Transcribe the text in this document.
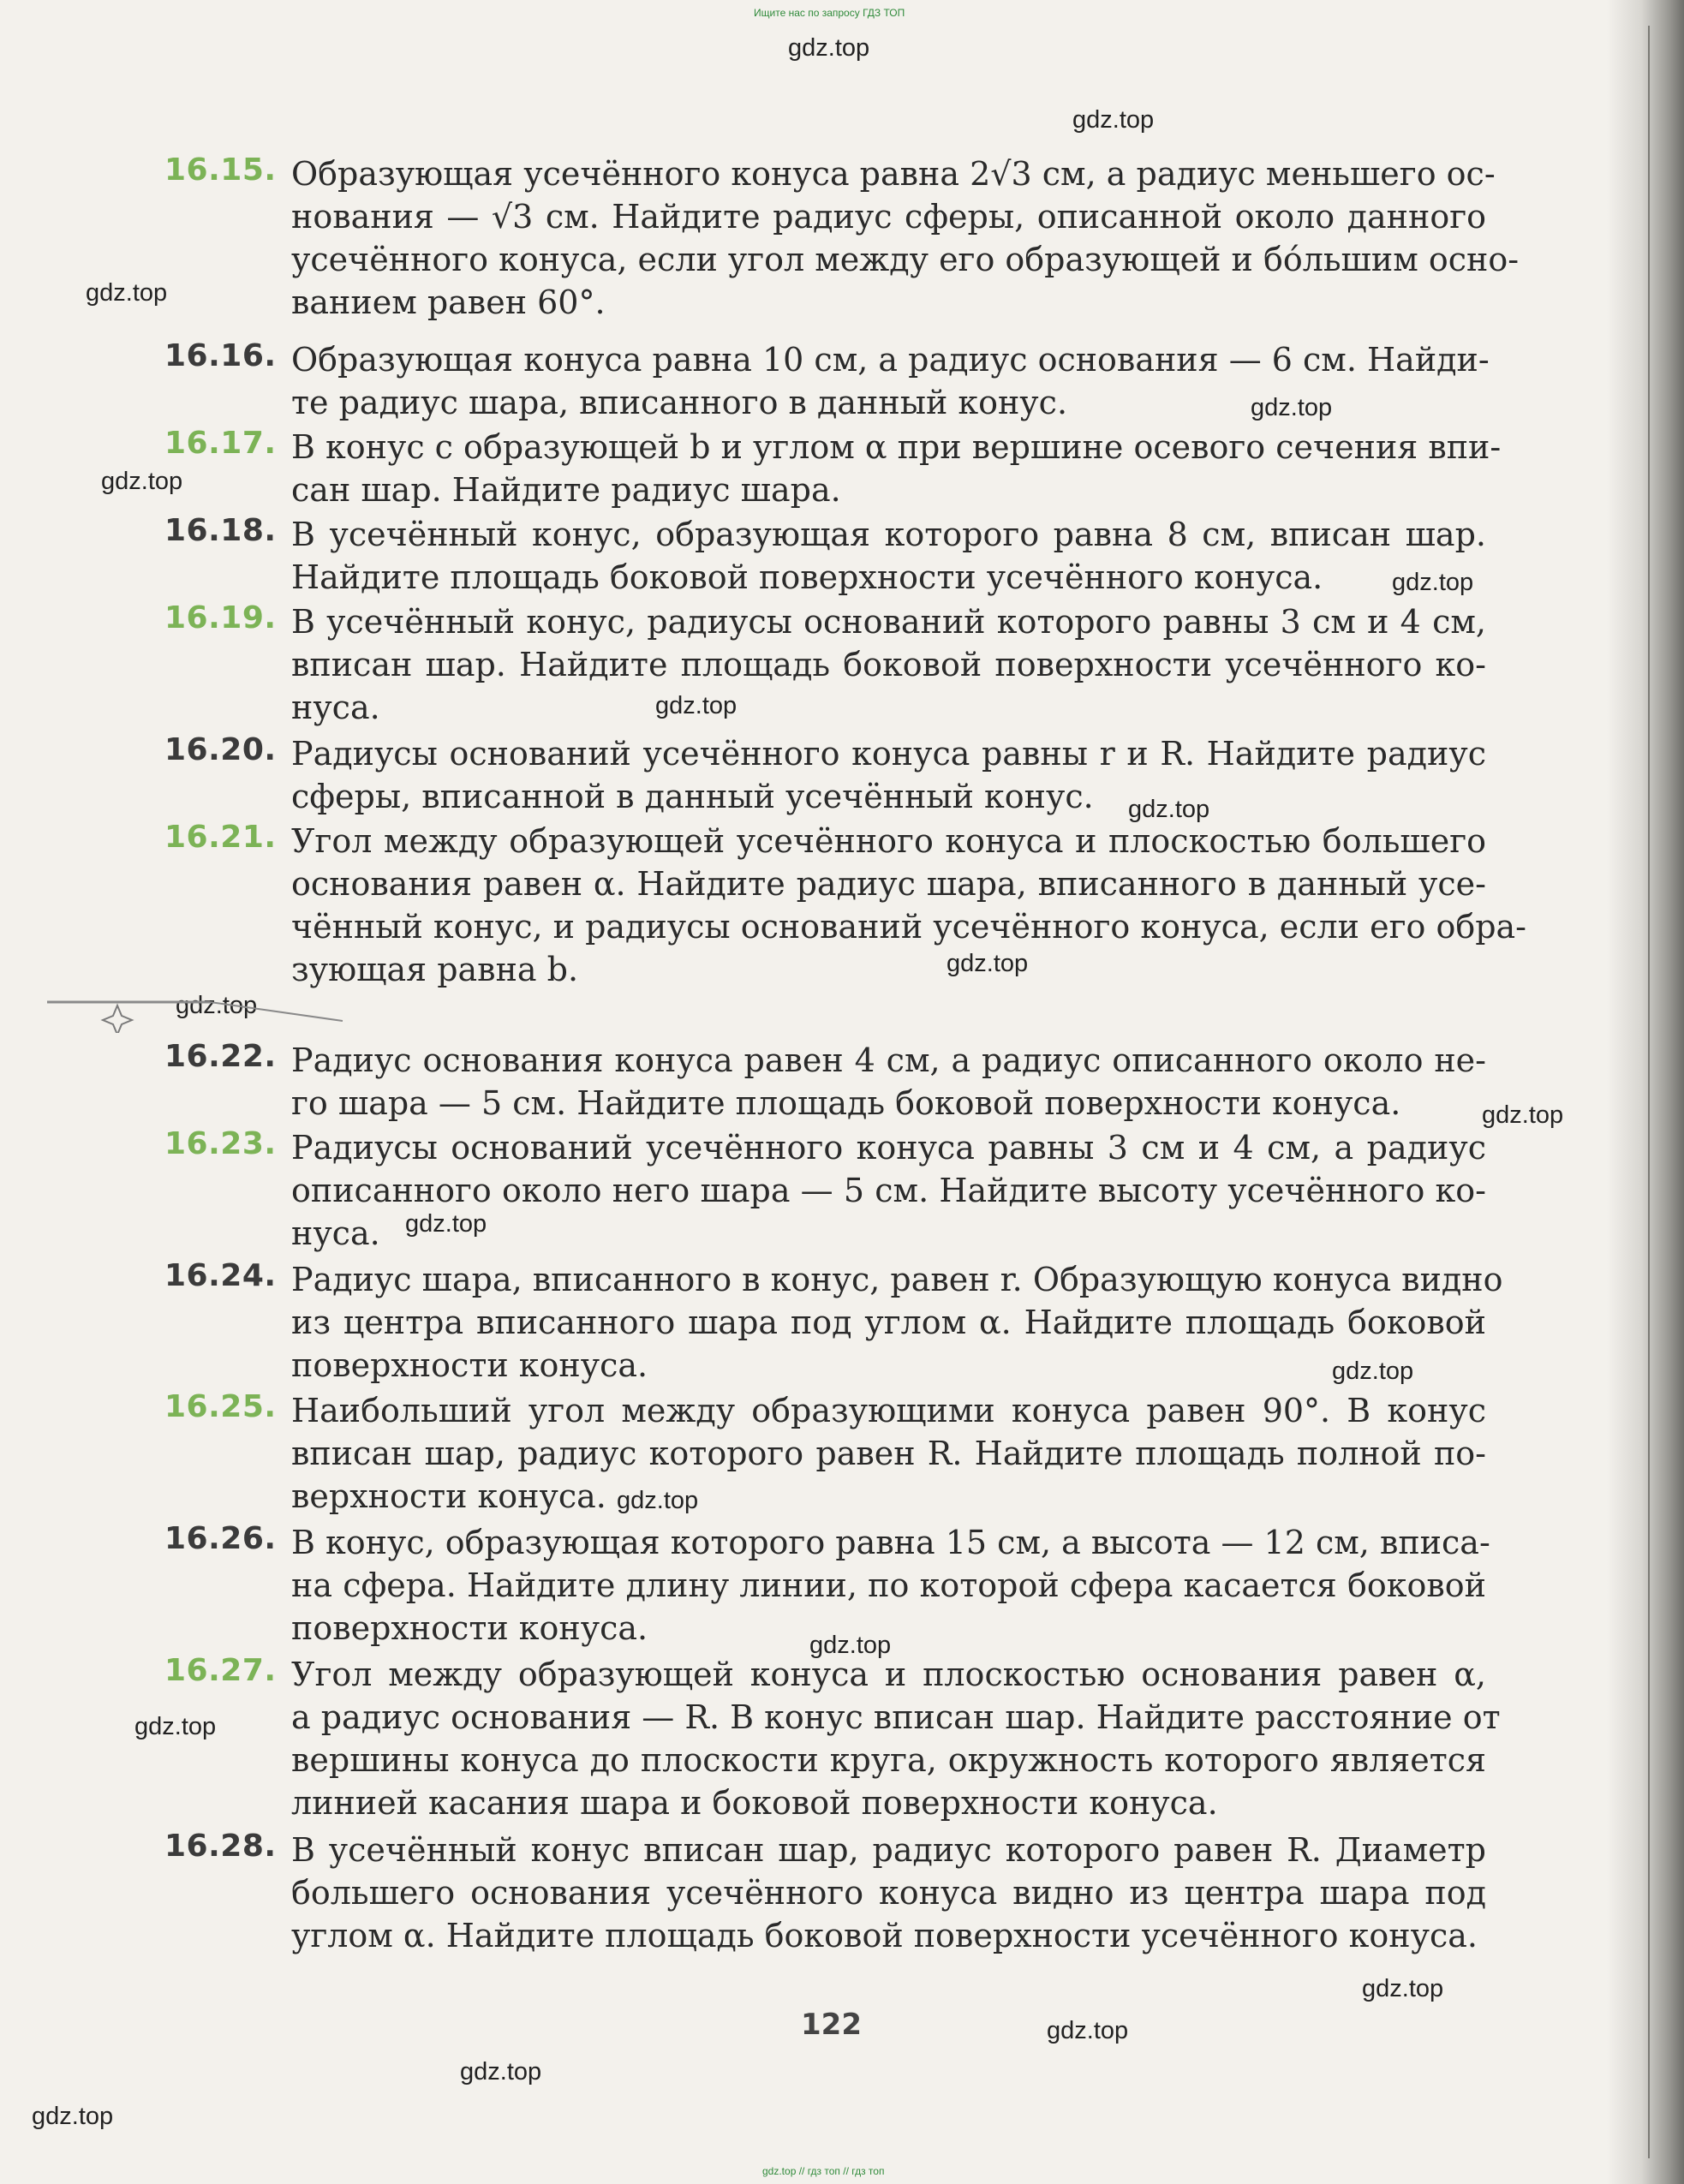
Ищите нас по запросу ГДЗ ТОП
gdz.top // гдз топ // гдз топ
gdz.top
gdz.top
gdz.top
gdz.top
gdz.top
gdz.top
gdz.top
gdz.top
gdz.top
gdz.top
gdz.top
gdz.top
gdz.top
gdz.top
gdz.top
gdz.top
gdz.top
gdz.top
gdz.top
gdz.top
16.15. Образующая усечённого конуса равна 2√3 см, а радиус меньшего ос-
нования — √3 см. Найдите радиус сферы, описанной около данного
усечённого конуса, если угол между его образующей и бо́льшим осно-
ванием равен 60°.
16.16. Образующая конуса равна 10 см, а радиус основания — 6 см. Найди-
те радиус шара, вписанного в данный конус.
16.17. В конус с образующей b и углом α при вершине осевого сечения впи-
сан шар. Найдите радиус шара.
16.18. В усечённый конус, образующая которого равна 8 см, вписан шар.
Найдите площадь боковой поверхности усечённого конуса.
16.19. В усечённый конус, радиусы оснований которого равны 3 см и 4 см,
вписан шар. Найдите площадь боковой поверхности усечённого ко-
нуса.
16.20. Радиусы оснований усечённого конуса равны r и R. Найдите радиус
сферы, вписанной в данный усечённый конус.
16.21. Угол между образующей усечённого конуса и плоскостью большего
основания равен α. Найдите радиус шара, вписанного в данный усе-
чённый конус, и радиусы оснований усечённого конуса, если его обра-
зующая равна b.
16.22. Радиус основания конуса равен 4 см, а радиус описанного около не-
го шара — 5 см. Найдите площадь боковой поверхности конуса.
16.23. Радиусы оснований усечённого конуса равны 3 см и 4 см, а радиус
описанного около него шара — 5 см. Найдите высоту усечённого ко-
нуса.
16.24. Радиус шара, вписанного в конус, равен r. Образующую конуса видно
из центра вписанного шара под углом α. Найдите площадь боковой
поверхности конуса.
16.25. Наибольший угол между образующими конуса равен 90°. В конус
вписан шар, радиус которого равен R. Найдите площадь полной по-
верхности конуса.
16.26. В конус, образующая которого равна 15 см, а высота — 12 см, вписа-
на сфера. Найдите длину линии, по которой сфера касается боковой
поверхности конуса.
16.27. Угол между образующей конуса и плоскостью основания равен α,
а радиус основания — R. В конус вписан шар. Найдите расстояние от
вершины конуса до плоскости круга, окружность которого является
линией касания шара и боковой поверхности конуса.
16.28. В усечённый конус вписан шар, радиус которого равен R. Диаметр
большего основания усечённого конуса видно из центра шара под
углом α. Найдите площадь боковой поверхности усечённого конуса.
122
